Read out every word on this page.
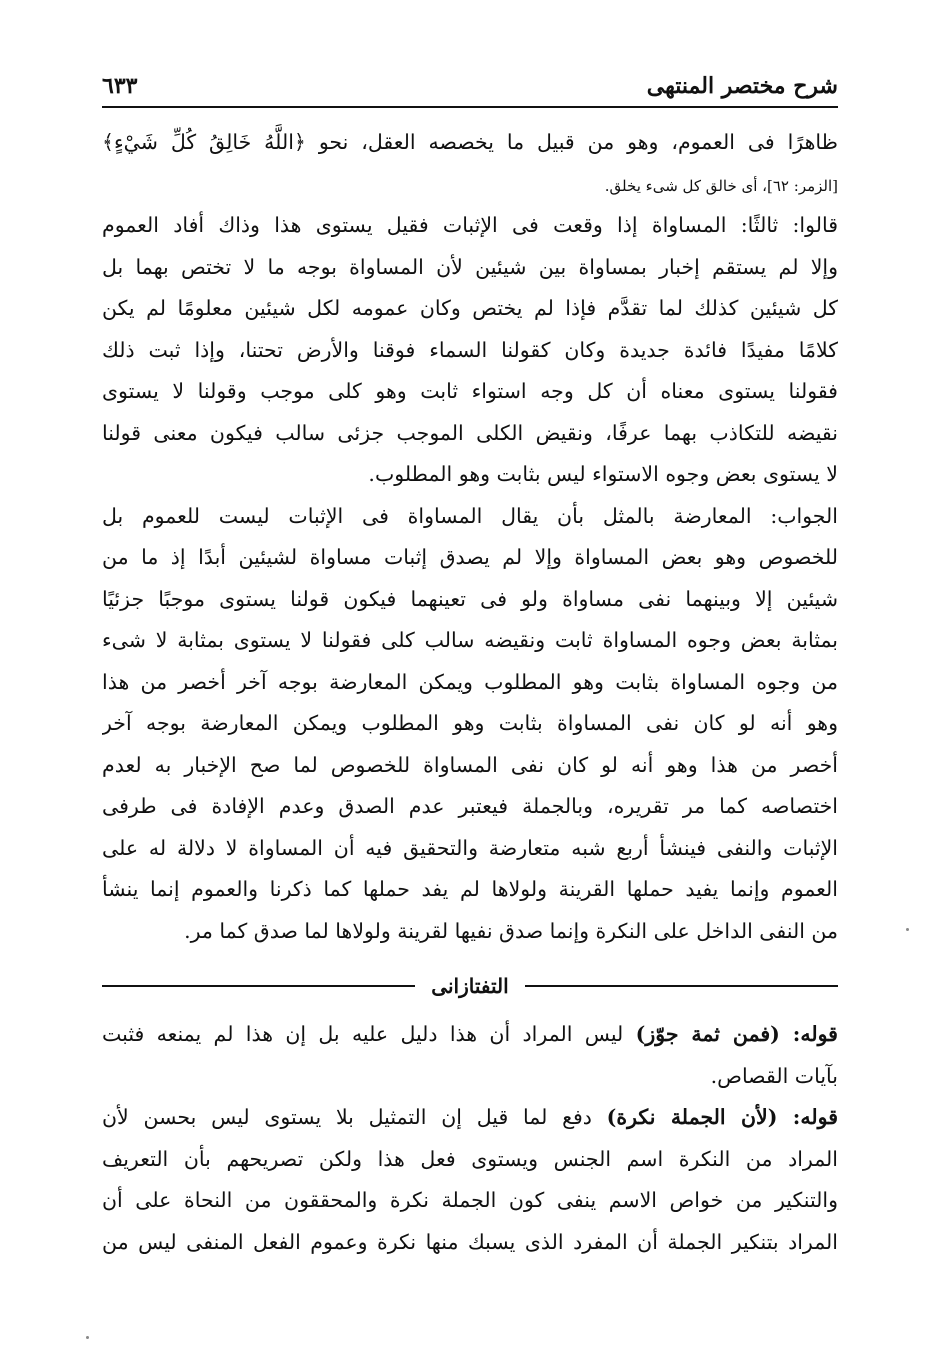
شرح مختصر المنتهى
٦٣٣
ظاهرًا فى العموم، وهو من قبيل ما يخصصه العقل، نحو ﴿اللَّهُ خَالِقُ كُلِّ شَيْءٍ﴾
[الزمر: ٦٢]، أى خالق كل شىء يخلق.
قالوا: ثالثًا: المساواة إذا وقعت فى الإثبات فقيل يستوى هذا وذاك أفاد العموم
وإلا لم يستقم إخبار بمساواة بين شيئين لأن المساواة بوجه ما لا تختص بهما بل
كل شيئين كذلك لما تقدَّم فإذا لم يختص وكان عمومه لكل شيئين معلومًا لم يكن
كلامًا مفيدًا فائدة جديدة وكان كقولنا السماء فوقنا والأرض تحتنا، وإذا ثبت ذلك
فقولنا يستوى معناه أن كل وجه استواء ثابت وهو كلى موجب وقولنا لا يستوى
نقيضه للتكاذب بهما عرفًا، ونقيض الكلى الموجب جزئى سالب فيكون معنى قولنا
لا يستوى بعض وجوه الاستواء ليس بثابت وهو المطلوب.
الجواب: المعارضة بالمثل بأن يقال المساواة فى الإثبات ليست للعموم بل
للخصوص وهو بعض المساواة وإلا لم يصدق إثبات مساواة لشيئين أبدًا إذ ما من
شيئين إلا وبينهما نفى مساواة ولو فى تعينهما فيكون قولنا يستوى موجبًا جزئيًا
بمثابة بعض وجوه المساواة ثابت ونقيضه سالب كلى فقولنا لا يستوى بمثابة لا شىء
من وجوه المساواة بثابت وهو المطلوب ويمكن المعارضة بوجه آخر أخصر من هذا
وهو أنه لو كان نفى المساواة بثابت وهو المطلوب ويمكن المعارضة بوجه آخر
أخصر من هذا وهو أنه لو كان نفى المساواة للخصوص لما صح الإخبار به لعدم
اختصاصه كما مر تقريره، وبالجملة فيعتبر عدم الصدق وعدم الإفادة فى طرفى
الإثبات والنفى فينشأ أربع شبه متعارضة والتحقيق فيه أن المساواة لا دلالة له على
العموم وإنما يفيد حملها القرينة ولولاها لم يفد حملها كما ذكرنا والعموم إنما ينشأ
من النفى الداخل على النكرة وإنما صدق نفيها لقرينة ولولاها لما صدق كما مر.
التفتازانى
قوله: (فمن ثمة جوّز) ليس المراد أن هذا دليل عليه بل إن هذا لم يمنعه فثبت
بآيات القصاص.
قوله: (لأن الجملة نكرة) دفع لما قيل إن التمثيل بلا يستوى ليس بحسن لأن
المراد من النكرة اسم الجنس ويستوى فعل هذا ولكن تصريحهم بأن التعريف
والتنكير من خواص الاسم ينفى كون الجملة نكرة والمحققون من النحاة على أن
المراد بتنكير الجملة أن المفرد الذى يسبك منها نكرة وعموم الفعل المنفى ليس من
